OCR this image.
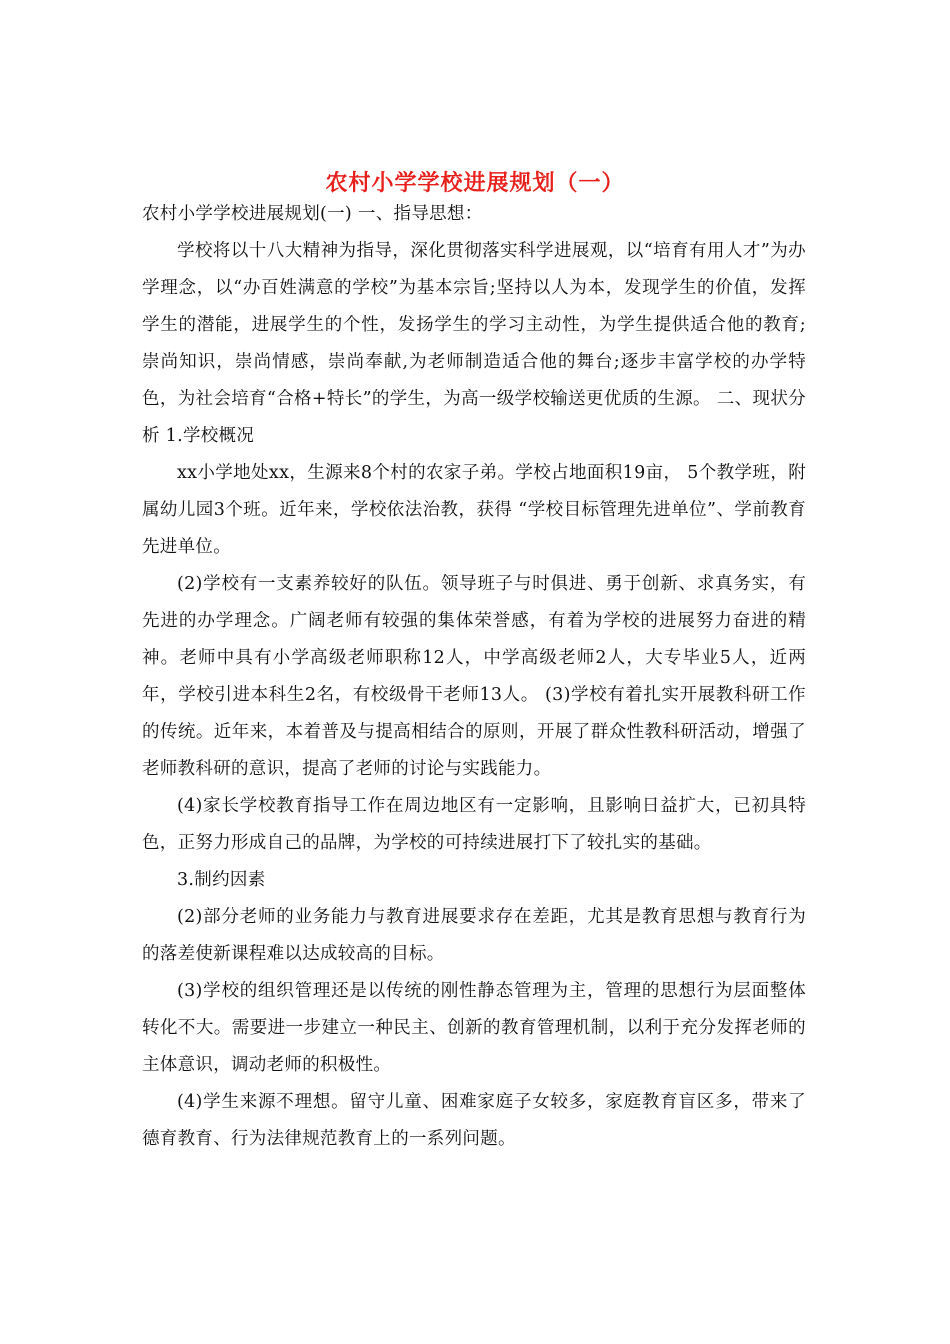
农村小学学校进展规划（一）

农村小学学校进展规划(一) 一、指导思想：

学校将以十八大精神为指导，深化贯彻落实科学进展观，以“培育有用人才”为办学理念，以“办百姓满意的学校”为基本宗旨;坚持以人为本，发现学生的价值，发挥学生的潜能，进展学生的个性，发扬学生的学习主动性，为学生提供适合他的教育;崇尚知识，崇尚情感，崇尚奉献,为老师制造适合他的舞台;逐步丰富学校的办学特色，为社会培育“合格+特长”的学生，为高一级学校输送更优质的生源。 二、现状分析 1.学校概况

xx小学地处xx，生源来8个村的农家子弟。学校占地面积19亩， 5个教学班，附属幼儿园3个班。近年来，学校依法治教，获得 “学校目标管理先进单位”、学前教育先进单位。

(2)学校有一支素养较好的队伍。领导班子与时俱进、勇于创新、求真务实，有先进的办学理念。广阔老师有较强的集体荣誉感，有着为学校的进展努力奋进的精神。老师中具有小学高级老师职称12人，中学高级老师2人，大专毕业5人，近两年，学校引进本科生2名，有校级骨干老师13人。 (3)学校有着扎实开展教科研工作的传统。近年来，本着普及与提高相结合的原则，开展了群众性教科研活动，增强了老师教科研的意识，提高了老师的讨论与实践能力。

(4)家长学校教育指导工作在周边地区有一定影响，且影响日益扩大，已初具特色，正努力形成自己的品牌，为学校的可持续进展打下了较扎实的基础。

3.制约因素

(2)部分老师的业务能力与教育进展要求存在差距，尤其是教育思想与教育行为的落差使新课程难以达成较高的目标。

(3)学校的组织管理还是以传统的刚性静态管理为主，管理的思想行为层面整体转化不大。需要进一步建立一种民主、创新的教育管理机制，以利于充分发挥老师的主体意识，调动老师的积极性。

(4)学生来源不理想。留守儿童、困难家庭子女较多，家庭教育盲区多，带来了德育教育、行为法律规范教育上的一系列问题。
